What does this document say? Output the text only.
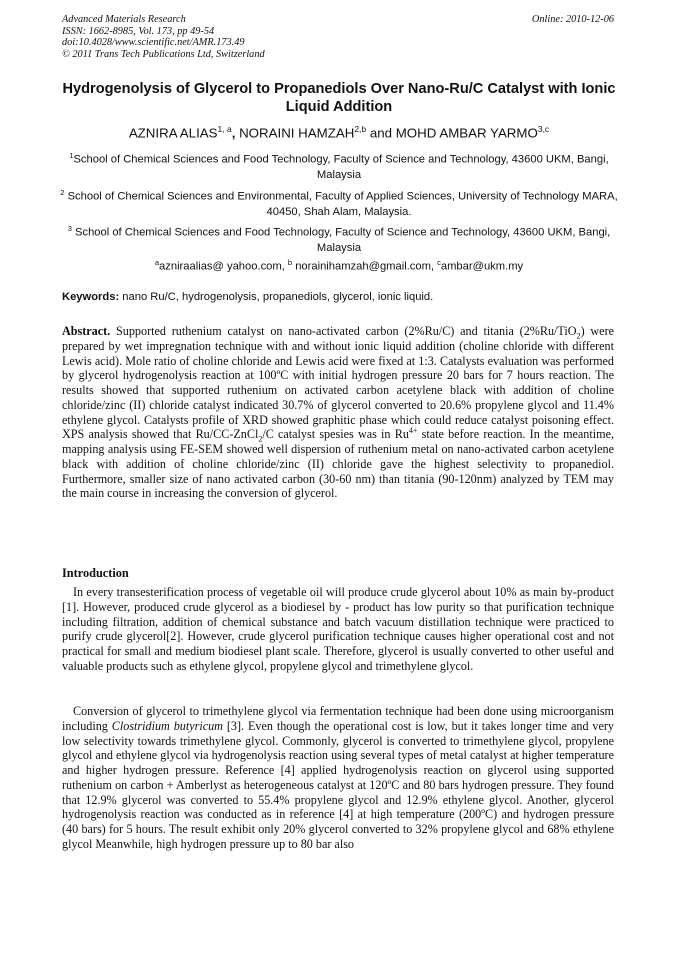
Advanced Materials Research
ISSN: 1662-8985, Vol. 173, pp 49-54
doi:10.4028/www.scientific.net/AMR.173.49
© 2011 Trans Tech Publications Ltd, Switzerland
Online: 2010-12-06
Hydrogenolysis of Glycerol to Propanediols Over Nano-Ru/C Catalyst with Ionic Liquid Addition
AZNIRA ALIAS$^{1, a}$, NORAINI HAMZAH$^{2,b}$ and MOHD AMBAR YARMO$^{3,c}$
$^1$School of Chemical Sciences and Food Technology, Faculty of Science and Technology, 43600 UKM, Bangi, Malaysia
$^2$ School of Chemical Sciences and Environmental, Faculty of Applied Sciences, University of Technology MARA, 40450, Shah Alam, Malaysia.
$^3$ School of Chemical Sciences and Food Technology, Faculty of Science and Technology, 43600 UKM, Bangi, Malaysia
$^a$azniraalias@ yahoo.com, $^b$ norainihamzah@gmail.com, $^c$ambar@ukm.my
Keywords: nano Ru/C, hydrogenolysis, propanediols, glycerol, ionic liquid.
Abstract. Supported ruthenium catalyst on nano-activated carbon (2%Ru/C) and titania (2%Ru/TiO$_2$) were prepared by wet impregnation technique with and without ionic liquid addition (choline chloride with different Lewis acid). Mole ratio of choline chloride and Lewis acid were fixed at 1:3. Catalysts evaluation was performed by glycerol hydrogenolysis reaction at 100ºC with initial hydrogen pressure 20 bars for 7 hours reaction. The results showed that supported ruthenium on activated carbon acetylene black with addition of choline chloride/zinc (II) chloride catalyst indicated 30.7% of glycerol converted to 20.6% propylene glycol and 11.4% ethylene glycol. Catalysts profile of XRD showed graphitic phase which could reduce catalyst poisoning effect. XPS analysis showed that Ru/CC-ZnCl$_2$/C catalyst spesies was in $Ru^{4+}$ state before reaction. In the meantime, mapping analysis using FE-SEM showed well dispersion of ruthenium metal on nano-activated carbon acetylene black with addition of choline chloride/zinc (II) chloride gave the highest selectivity to propanediol. Furthermore, smaller size of nano activated carbon (30-60 nm) than titania (90-120nm) analyzed by TEM may the main course in increasing the conversion of glycerol.
Introduction
In every transesterification process of vegetable oil will produce crude glycerol about 10% as main by-product [1]. However, produced crude glycerol as a biodiesel by - product has low purity so that purification technique including filtration, addition of chemical substance and batch vacuum distillation technique were practiced to purify crude glycerol[2]. However, crude glycerol purification technique causes higher operational cost and not practical for small and medium biodiesel plant scale. Therefore, glycerol is usually converted to other useful and valuable products such as ethylene glycol, propylene glycol and trimethylene glycol.
Conversion of glycerol to trimethylene glycol via fermentation technique had been done using microorganism including Clostridium butyricum [3]. Even though the operational cost is low, but it takes longer time and very low selectivity towards trimethylene glycol. Commonly, glycerol is converted to trimethylene glycol, propylene glycol and ethylene glycol via hydrogenolysis reaction using several types of metal catalyst at higher temperature and higher hydrogen pressure. Reference [4] applied hydrogenolysis reaction on glycerol using supported ruthenium on carbon + Amberlyst as heterogeneous catalyst at 120ºC and 80 bars hydrogen pressure. They found that 12.9% glycerol was converted to 55.4% propylene glycol and 12.9% ethylene glycol. Another, glycerol hydrogenolysis reaction was conducted as in reference [4] at high temperature (200ºC) and hydrogen pressure (40 bars) for 5 hours. The result exhibit only 20% glycerol converted to 32% propylene glycol and 68% ethylene glycol Meanwhile, high hydrogen pressure up to 80 bar also
